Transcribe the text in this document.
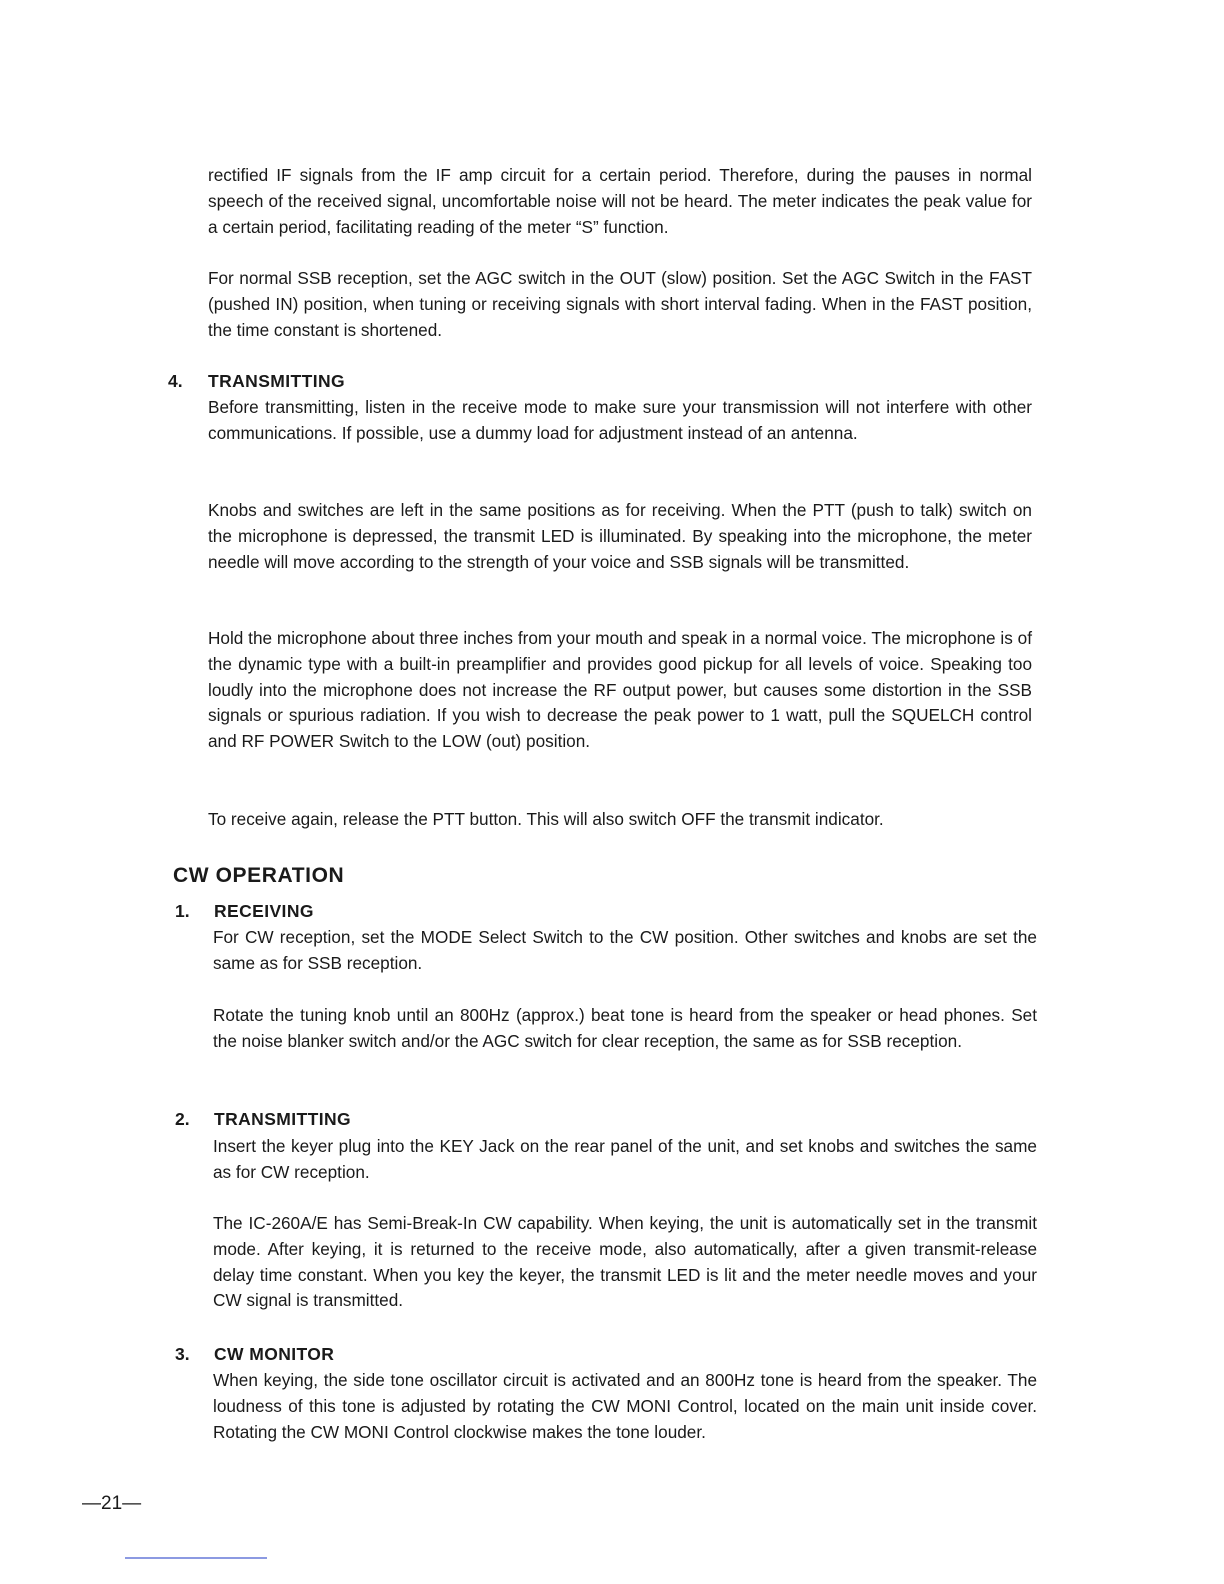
rectified IF signals from the IF amp circuit for a certain period. Therefore, during the pauses in normal speech of the received signal, uncomfortable noise will not be heard. The meter indicates the peak value for a certain period, facilitating reading of the meter “S” function.

For normal SSB reception, set the AGC switch in the OUT (slow) position. Set the AGC Switch in the FAST (pushed IN) position, when tuning or receiving signals with short interval fading. When in the FAST position, the time constant is shortened.

4. TRANSMITTING

Before transmitting, listen in the receive mode to make sure your transmission will not interfere with other communications. If possible, use a dummy load for adjustment instead of an antenna.

Knobs and switches are left in the same positions as for receiving. When the PTT (push to talk) switch on the microphone is depressed, the transmit LED is illuminated. By speaking into the microphone, the meter needle will move according to the strength of your voice and SSB signals will be transmitted.

Hold the microphone about three inches from your mouth and speak in a normal voice. The microphone is of the dynamic type with a built-in preamplifier and provides good pickup for all levels of voice. Speaking too loudly into the microphone does not increase the RF output power, but causes some distortion in the SSB signals or spurious radiation. If you wish to decrease the peak power to 1 watt, pull the SQUELCH control and RF POWER Switch to the LOW (out) position.

To receive again, release the PTT button. This will also switch OFF the transmit indicator.

CW OPERATION
1. RECEIVING

For CW reception, set the MODE Select Switch to the CW position. Other switches and knobs are set the same as for SSB reception.

Rotate the tuning knob until an 800Hz (approx.) beat tone is heard from the speaker or head phones. Set the noise blanker switch and/or the AGC switch for clear reception, the same as for SSB reception.

2. TRANSMITTING

Insert the keyer plug into the KEY Jack on the rear panel of the unit, and set knobs and switches the same as for CW reception.

The IC-260A/E has Semi-Break-In CW capability. When keying, the unit is automatically set in the transmit mode. After keying, it is returned to the receive mode, also automatically, after a given transmit-release delay time constant. When you key the keyer, the transmit LED is lit and the meter needle moves and your CW signal is transmitted.

3. CW MONITOR

When keying, the side tone oscillator circuit is activated and an 800Hz tone is heard from the speaker. The loudness of this tone is adjusted by rotating the CW MONI Control, located on the main unit inside cover. Rotating the CW MONI Control clockwise makes the tone louder.

—21—
